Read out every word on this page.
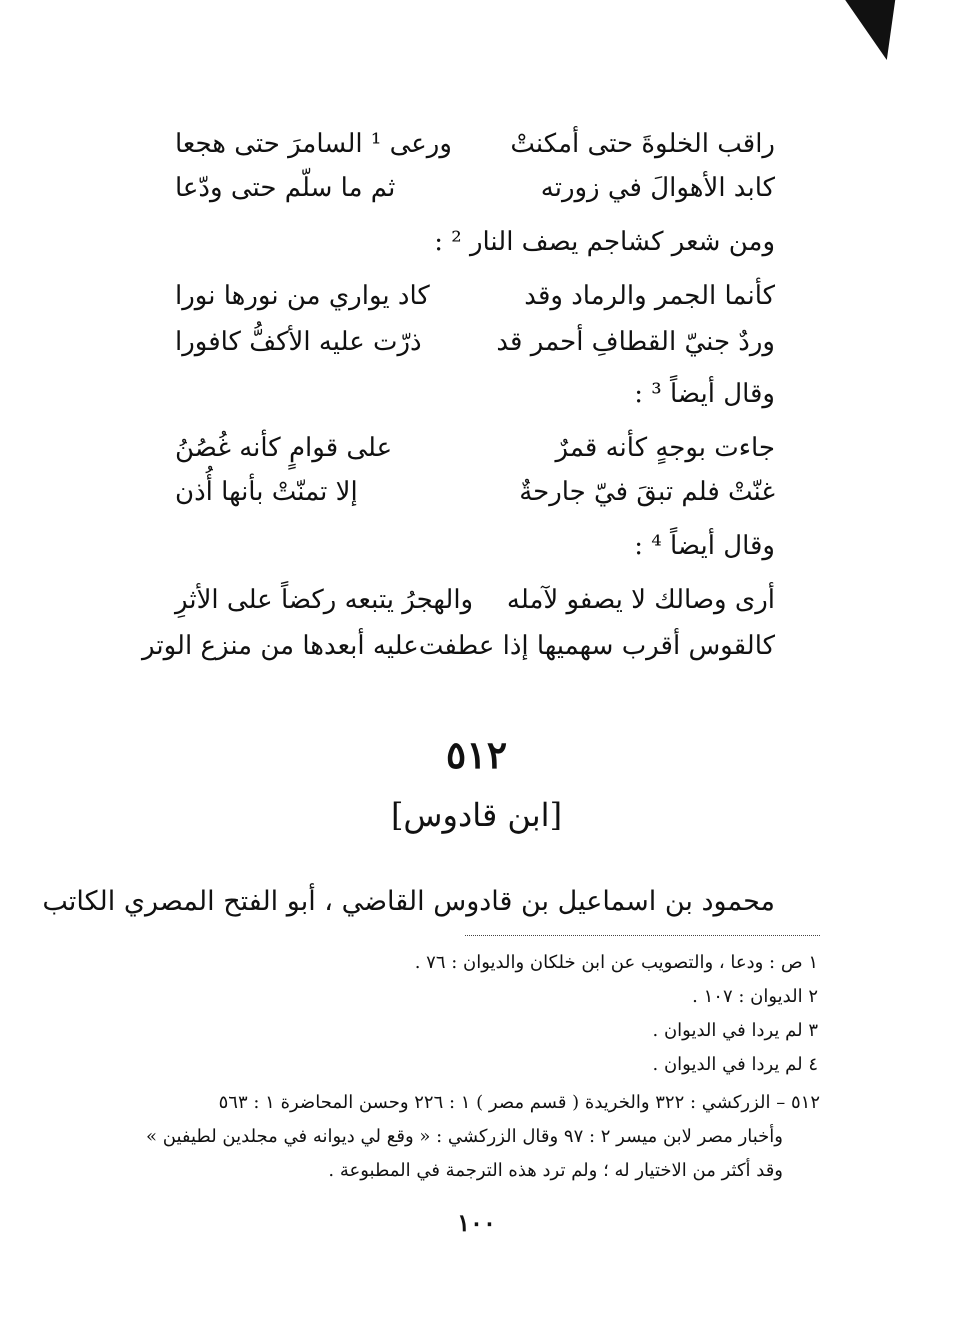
راقب الخلوةَ حتى أمكنتْ
ورعى ¹ السامرَ حتى هجعا
كابد الأهوالَ في زورته
ثم ما سلّم حتى ودّعا
ومن شعر كشاجم يصف النار ² :
كأنما الجمر والرماد وقد
كاد يواري من نورها نورا
وردٌ جنيّ القطافِ أحمر قد
ذرّت عليه الأكفُّ كافورا
وقال أيضاً ³ :
جاءت بوجهٍ كأنه قمرٌ
على قوامٍ كأنه غُصُنُ
غنّتْ فلم تبقَ فيّ جارحةٌ
إلا تمنّتْ بأنها أُذن
وقال أيضاً ⁴ :
أرى وصالك لا يصفو لآمله
والهجرُ يتبعه ركضاً على الأثرِ
كالقوس أقرب سهميها إذا عطفت
عليه أبعدها من منزع الوتر
٥١٢
[ابن قادوس]
محمود بن اسماعيل بن قادوس القاضي ، أبو الفتح المصري الكاتب
١ ص : ودعا ، والتصويب عن ابن خلكان والديوان : ٧٦ .
٢ الديوان : ١٠٧ .
٣ لم يردا في الديوان .
٤ لم يردا في الديوان .
٥١٢ – الزركشي : ٣٢٢ والخريدة ( قسم مصر ) ١ : ٢٢٦ وحسن المحاضرة ١ : ٥٦٣
وأخبار مصر لابن ميسر ٢ : ٩٧ وقال الزركشي : « وقع لي ديوانه في مجلدين لطيفين »
وقد أكثر من الاختيار له ؛ ولم ترد هذه الترجمة في المطبوعة .
١٠٠
